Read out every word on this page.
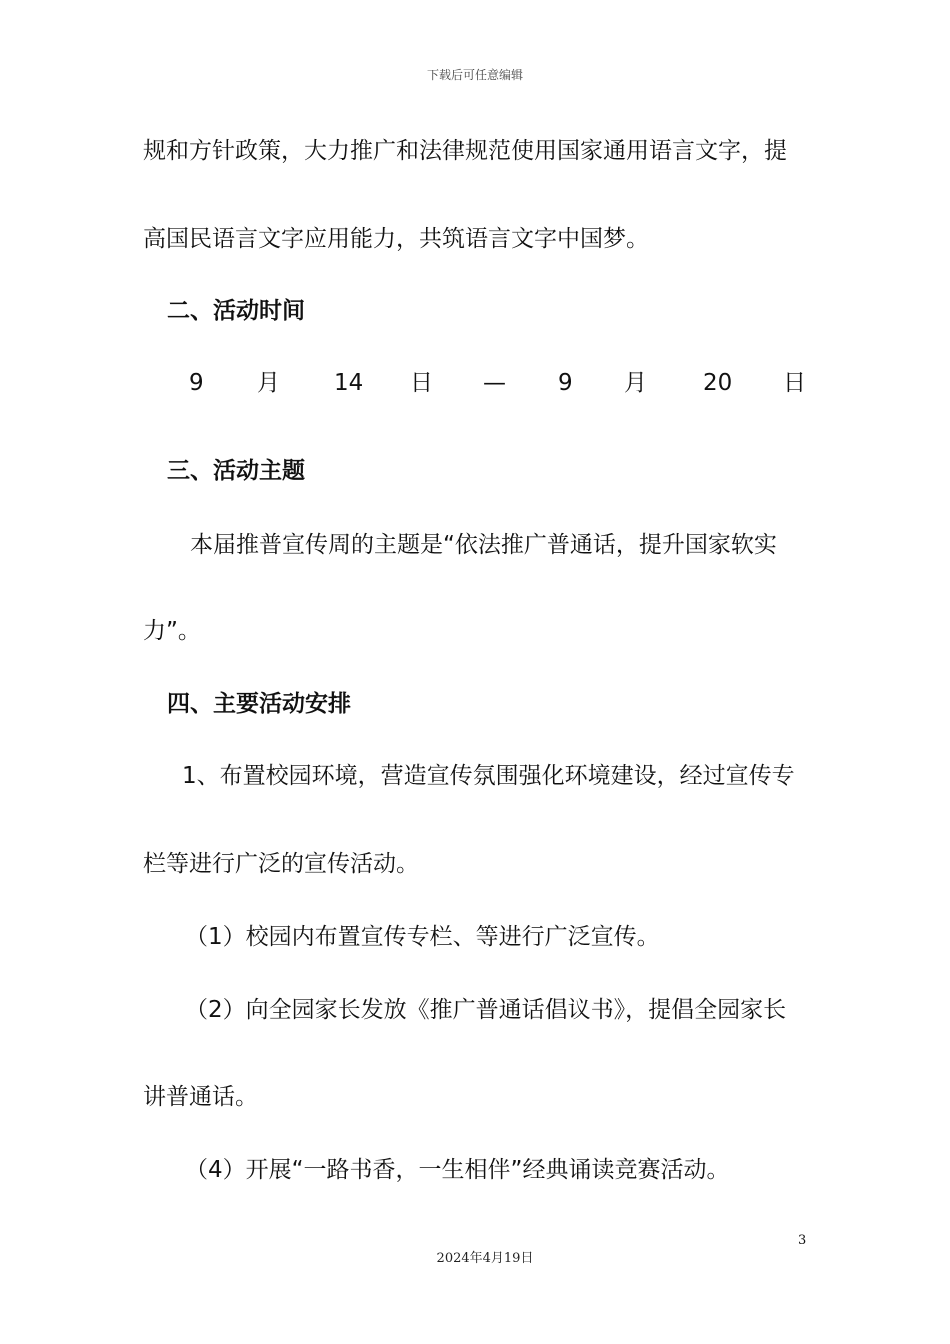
下载后可任意编辑
规和方针政策，大力推广和法律规范使用国家通用语言文字，提
高国民语言文字应用能力，共筑语言文字中国梦。
二、活动时间
9 月 14 日 — 9 月 20 日
三、活动主题
本届推普宣传周的主题是“依法推广普通话，提升国家软实
力”。
四、主要活动安排
1、布置校园环境，营造宣传氛围强化环境建设，经过宣传专
栏等进行广泛的宣传活动。
（1）校园内布置宣传专栏、等进行广泛宣传。
（2）向全园家长发放《推广普通话倡议书》，提倡全园家长
讲普通话。
（4）开展“一路书香，一生相伴”经典诵读竞赛活动。
3
2024年4月19日
